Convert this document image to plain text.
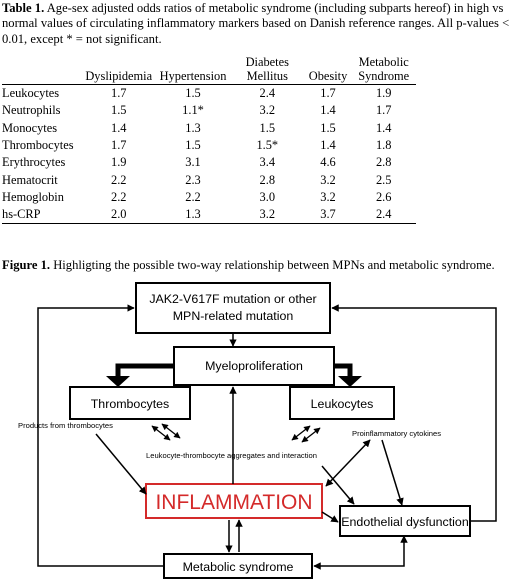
Table 1. Age-sex adjusted odds ratios of metabolic syndrome (including subparts hereof) in high vs normal values of circulating inflammatory markers based on Danish reference ranges. All p-values < 0.01, except * = not significant.
	Dyslipidemia	Hypertension	Diabetes Mellitus	Obesity	Metabolic Syndrome
Leukocytes	1.7	1.5	2.4	1.7	1.9
Neutrophils	1.5	1.1*	3.2	1.4	1.7
Monocytes	1.4	1.3	1.5	1.5	1.4
Thrombocytes	1.7	1.5	1.5*	1.4	1.8
Erythrocytes	1.9	3.1	3.4	4.6	2.8
Hematocrit	2.2	2.3	2.8	3.2	2.5
Hemoglobin	2.2	2.2	3.0	3.2	2.6
hs-CRP	2.0	1.3	3.2	3.7	2.4
Figure 1. Highligting the possible two-way relationship between MPNs and metabolic syndrome.
JAK2-V617F mutation or other
MPN-related mutation
Myeloproliferation
Thrombocytes	Leukocytes
INFLAMMATION
Endothelial dysfunction
Metabolic syndrome
Products from thrombocytes
Leukocyte-thrombocyte aggregates and interaction
Proinflammatory cytokines
